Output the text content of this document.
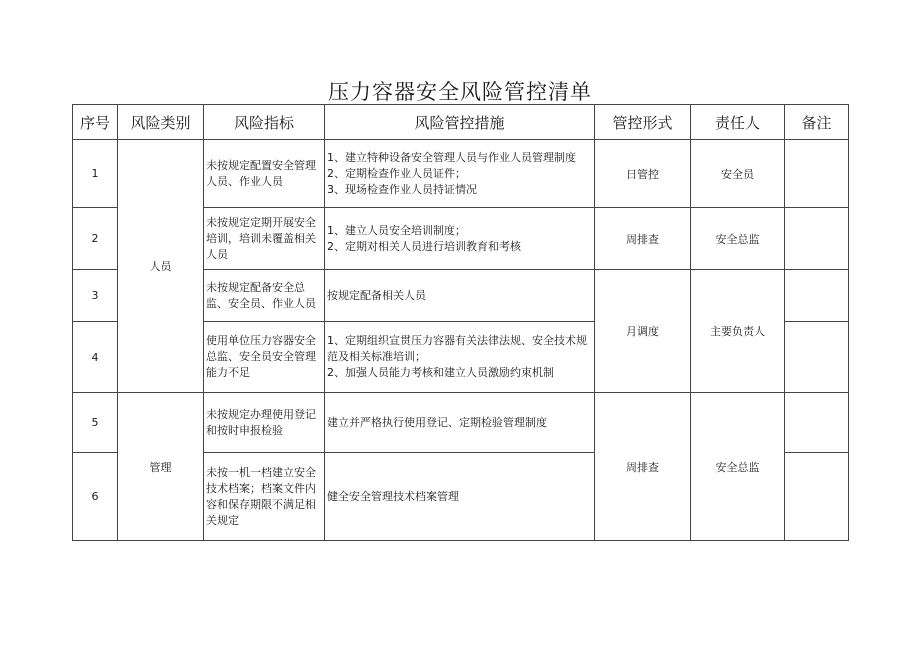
压力容器安全风险管控清单
序号	风险类别	风险指标	风险管控措施	管控形式	责任人	备注
1	人员	未按规定配置安全管理人员、作业人员	1、建立特种设备安全管理人员与作业人员管理制度
2、定期检查作业人员证件；
3、现场检查作业人员持证情况	日管控	安全员	
2		未按规定定期开展安全培训，培训未覆盖相关人员	1、建立人员安全培训制度；
2、定期对相关人员进行培训教育和考核	周排查	安全总监	
3		未按规定配备安全总监、安全员、作业人员	按规定配备相关人员	月调度	主要负责人	
4		使用单位压力容器安全总监、安全员安全管理能力不足	1、定期组织宣贯压力容器有关法律法规、安全技术规范及相关标准培训；
2、加强人员能力考核和建立人员激励约束机制			

5	管理	未按规定办理使用登记和按时申报检验	建立并严格执行使用登记、定期检验管理制度	周排查	安全总监	
6		未按一机一档建立安全技术档案；档案文件内容和保存期限不满足相关规定	健全安全管理技术档案管理			
